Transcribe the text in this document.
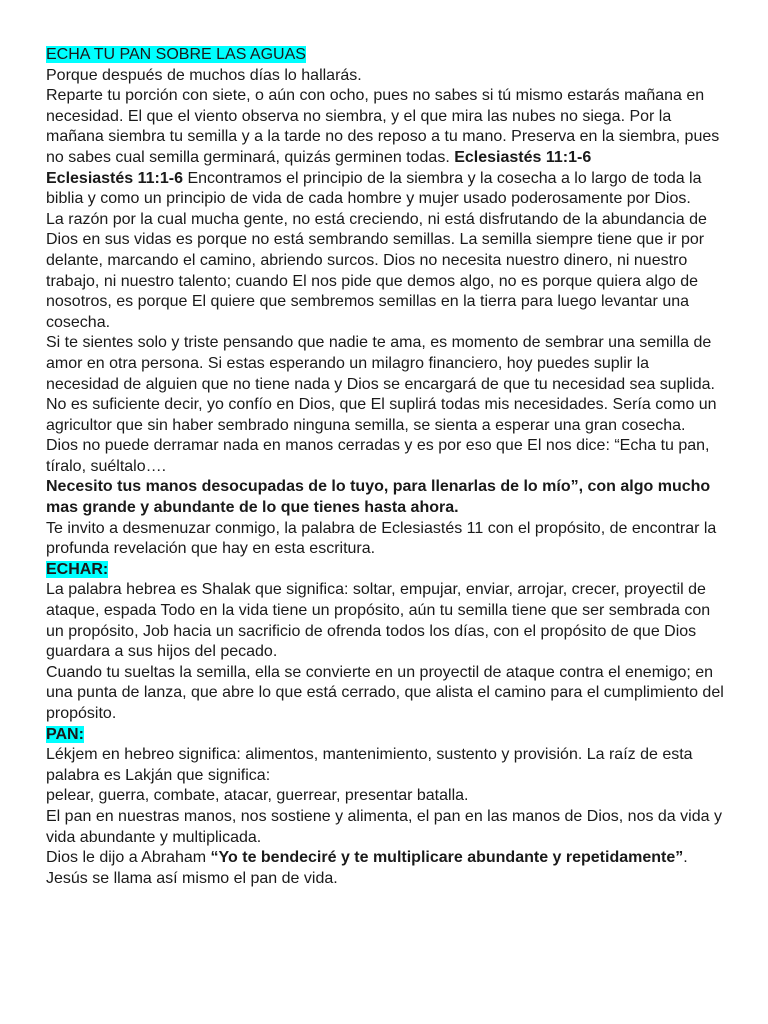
ECHA TU PAN SOBRE LAS AGUAS

Porque después de muchos días lo hallarás.

Reparte tu porción con siete, o aún con ocho, pues no sabes si tú mismo estarás mañana en necesidad. El que el viento observa no siembra, y el que mira las nubes no siega. Por la mañana siembra tu semilla y a la tarde no des reposo a tu mano. Preserva en la siembra, pues no sabes cual semilla germinará, quizás germinen todas. Eclesiastés 11:1-6

Eclesiastés 11:1-6 Encontramos el principio de la siembra y la cosecha a lo largo de toda la biblia y como un principio de vida de cada hombre y mujer usado poderosamente por Dios.

La razón por la cual mucha gente, no está creciendo, ni está disfrutando de la abundancia de Dios en sus vidas es porque no está sembrando semillas. La semilla siempre tiene que ir por delante, marcando el camino, abriendo surcos. Dios no necesita nuestro dinero, ni nuestro trabajo, ni nuestro talento; cuando El nos pide que demos algo, no es porque quiera algo de nosotros, es porque El quiere que sembremos semillas en la tierra para luego levantar una cosecha.

Si te sientes solo y triste pensando que nadie te ama, es momento de sembrar una semilla de amor en otra persona. Si estas esperando un milagro financiero, hoy puedes suplir la necesidad de alguien que no tiene nada y Dios se encargará de que tu necesidad sea suplida. No es suficiente decir, yo confío en Dios, que El suplirá todas mis necesidades. Sería como un agricultor que sin haber sembrado ninguna semilla, se sienta a esperar una gran cosecha.

Dios no puede derramar nada en manos cerradas y es por eso que El nos dice: “Echa tu pan, tíralo, suéltalo….

Necesito tus manos desocupadas de lo tuyo, para llenarlas de lo mío”, con algo mucho mas grande y abundante de lo que tienes hasta ahora.

Te invito a desmenuzar conmigo, la palabra de Eclesiastés 11 con el propósito, de encontrar la profunda revelación que hay en esta escritura.

ECHAR:

La palabra hebrea es Shalak que significa: soltar, empujar, enviar, arrojar, crecer, proyectil de ataque, espada Todo en la vida tiene un propósito, aún tu semilla tiene que ser sembrada con un propósito, Job hacia un sacrificio de ofrenda todos los días, con el propósito de que Dios guardara a sus hijos del pecado.

Cuando tu sueltas la semilla, ella se convierte en un proyectil de ataque contra el enemigo; en una punta de lanza, que abre lo que está cerrado, que alista el camino para el cumplimiento del propósito.

PAN:

Lékjem en hebreo significa: alimentos, mantenimiento, sustento y provisión. La raíz de esta palabra es Lakján que significa:

pelear, guerra, combate, atacar, guerrear, presentar batalla.

El pan en nuestras manos, nos sostiene y alimenta, el pan en las manos de Dios, nos da vida y vida abundante y multiplicada.

Dios le dijo a Abraham “Yo te bendeciré y te multiplicare abundante y repetidamente”. Jesús se llama así mismo el pan de vida.
